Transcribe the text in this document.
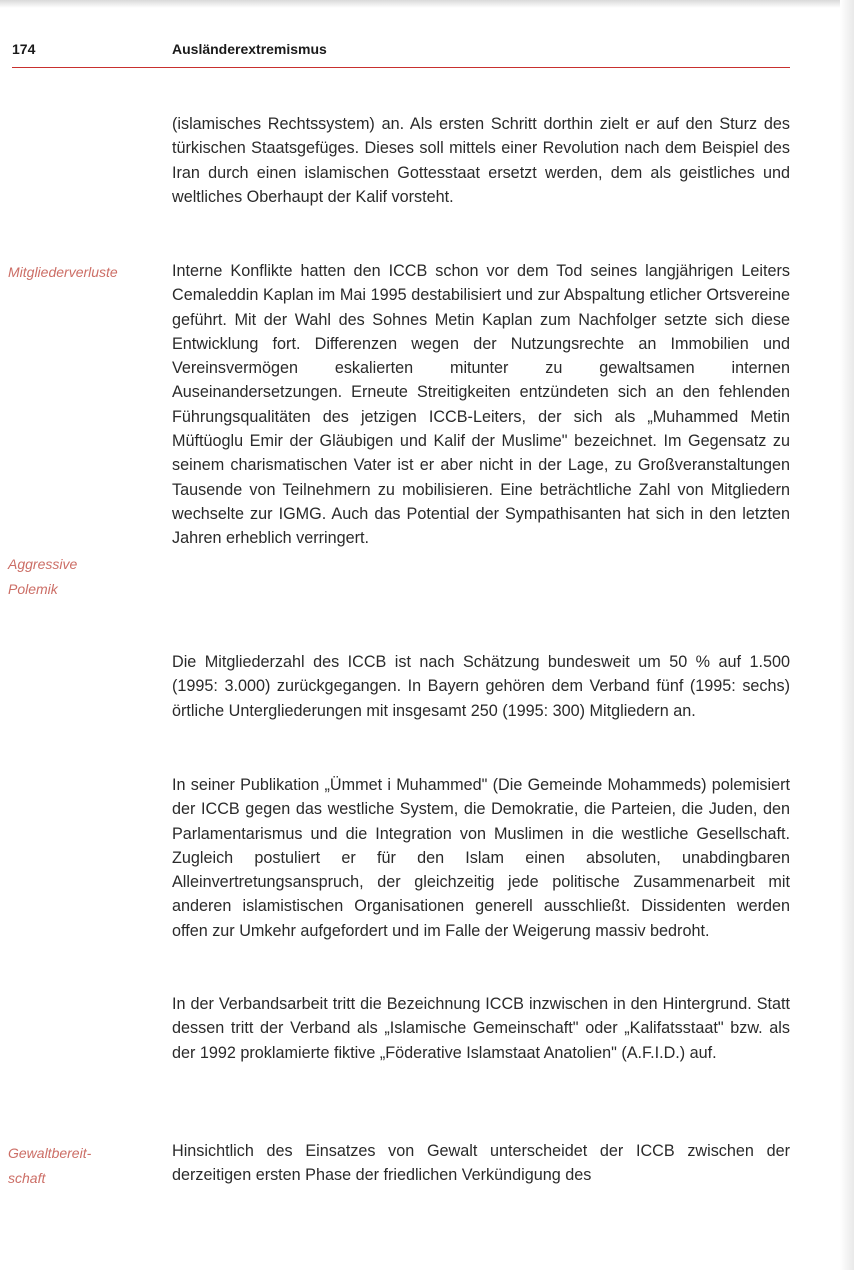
174	Ausländerextremismus
Mitgliederverluste
Aggressive Polemik
Gewaltbereit-schaft

(islamisches Rechtssystem) an. Als ersten Schritt dorthin zielt er auf den Sturz des türkischen Staatsgefüges. Dieses soll mittels einer Revolution nach dem Beispiel des Iran durch einen islamischen Gottesstaat ersetzt werden, dem als geistliches und weltliches Oberhaupt der Kalif vorsteht.

Interne Konflikte hatten den ICCB schon vor dem Tod seines langjährigen Leiters Cemaleddin Kaplan im Mai 1995 destabilisiert und zur Abspaltung etlicher Ortsvereine geführt. Mit der Wahl des Sohnes Metin Kaplan zum Nachfolger setzte sich diese Entwicklung fort. Differenzen wegen der Nutzungsrechte an Immobilien und Vereinsvermögen eskalierten mitunter zu gewaltsamen internen Auseinandersetzungen. Erneute Streitigkeiten entzündeten sich an den fehlenden Führungsqualitäten des jetzigen ICCB-Leiters, der sich als „Muhammed Metin Müftüoglu Emir der Gläubigen und Kalif der Muslime" bezeichnet. Im Gegensatz zu seinem charismatischen Vater ist er aber nicht in der Lage, zu Großveranstaltungen Tausende von Teilnehmern zu mobilisieren. Eine beträchtliche Zahl von Mitgliedern wechselte zur IGMG. Auch das Potential der Sympathisanten hat sich in den letzten Jahren erheblich verringert.

Die Mitgliederzahl des ICCB ist nach Schätzung bundesweit um 50 % auf 1.500 (1995: 3.000) zurückgegangen. In Bayern gehören dem Verband fünf (1995: sechs) örtliche Untergliederungen mit insgesamt 250 (1995: 300) Mitgliedern an.

In seiner Publikation „Ümmet i Muhammed" (Die Gemeinde Mohammeds) polemisiert der ICCB gegen das westliche System, die Demokratie, die Parteien, die Juden, den Parlamentarismus und die Integration von Muslimen in die westliche Gesellschaft. Zugleich postuliert er für den Islam einen absoluten, unabdingbaren Alleinvertretungsanspruch, der gleichzeitig jede politische Zusammenarbeit mit anderen islamistischen Organisationen generell ausschließt. Dissidenten werden offen zur Umkehr aufgefordert und im Falle der Weigerung massiv bedroht.

In der Verbandsarbeit tritt die Bezeichnung ICCB inzwischen in den Hintergrund. Statt dessen tritt der Verband als „Islamische Gemeinschaft" oder „Kalifatsstaat" bzw. als der 1992 proklamierte fiktive „Föderative Islamstaat Anatolien" (A.F.I.D.) auf.

Hinsichtlich des Einsatzes von Gewalt unterscheidet der ICCB zwischen der derzeitigen ersten Phase der friedlichen Verkündigung des
